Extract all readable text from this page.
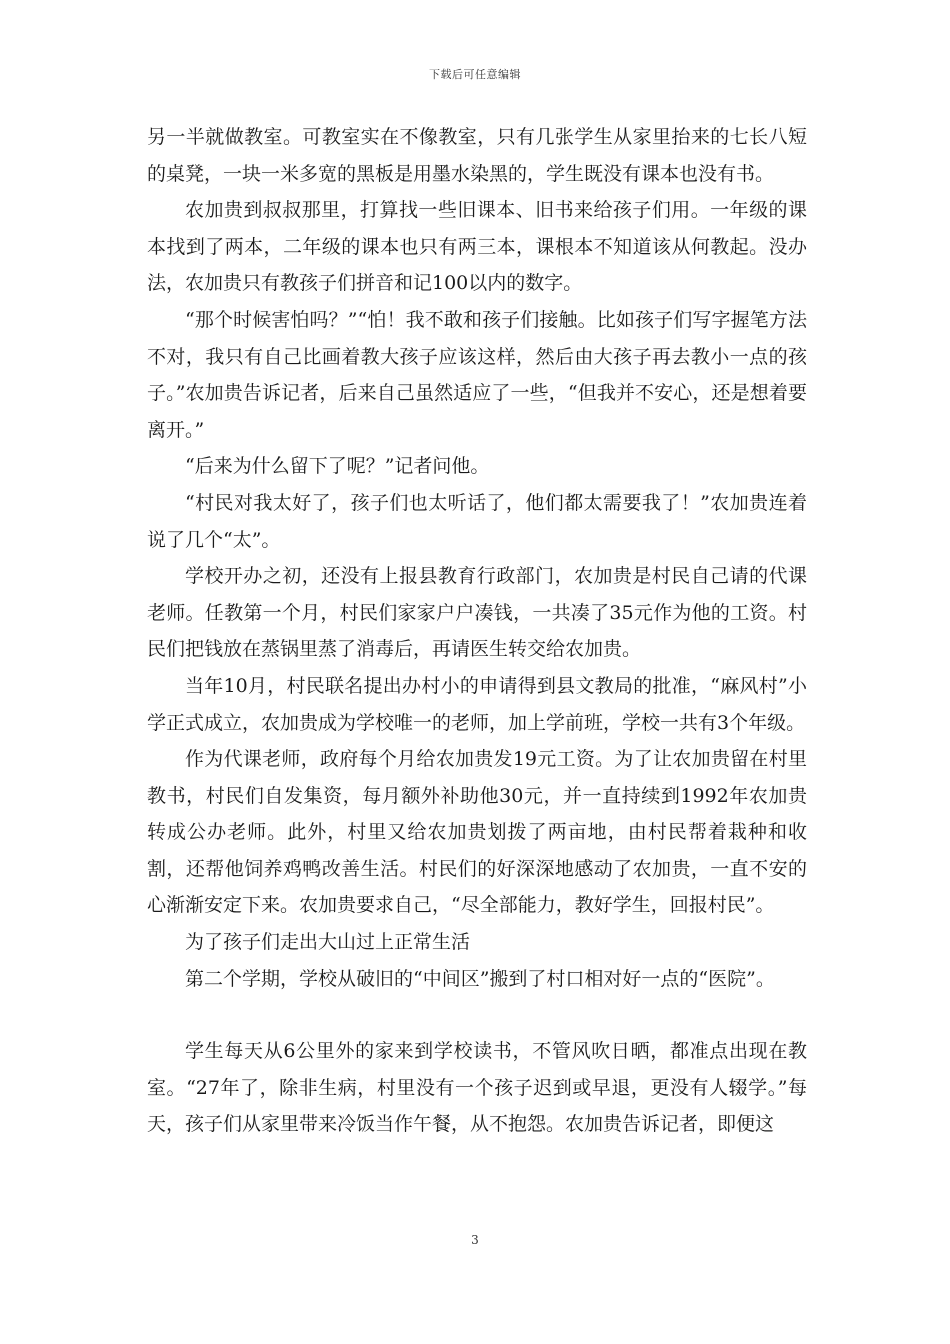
下载后可任意编辑

另一半就做教室。可教室实在不像教室，只有几张学生从家里抬来的七长八短的桌凳，一块一米多宽的黑板是用墨水染黑的，学生既没有课本也没有书。

农加贵到叔叔那里，打算找一些旧课本、旧书来给孩子们用。一年级的课本找到了两本，二年级的课本也只有两三本，课根本不知道该从何教起。没办法，农加贵只有教孩子们拼音和记100以内的数字。

“那个时候害怕吗？”“怕！我不敢和孩子们接触。比如孩子们写字握笔方法不对，我只有自己比画着教大孩子应该这样，然后由大孩子再去教小一点的孩子。”农加贵告诉记者，后来自己虽然适应了一些，“但我并不安心，还是想着要离开。”

“后来为什么留下了呢？”记者问他。

“村民对我太好了，孩子们也太听话了，他们都太需要我了！”农加贵连着说了几个“太”。

学校开办之初，还没有上报县教育行政部门，农加贵是村民自己请的代课老师。任教第一个月，村民们家家户户凑钱，一共凑了35元作为他的工资。村民们把钱放在蒸锅里蒸了消毒后，再请医生转交给农加贵。

当年10月，村民联名提出办村小的申请得到县文教局的批准，“麻风村”小学正式成立，农加贵成为学校唯一的老师，加上学前班，学校一共有3个年级。

作为代课老师，政府每个月给农加贵发19元工资。为了让农加贵留在村里教书，村民们自发集资，每月额外补助他30元，并一直持续到1992年农加贵转成公办老师。此外，村里又给农加贵划拨了两亩地，由村民帮着栽种和收割，还帮他饲养鸡鸭改善生活。村民们的好深深地感动了农加贵，一直不安的心渐渐安定下来。农加贵要求自己，“尽全部能力，教好学生，回报村民”。

为了孩子们走出大山过上正常生活

第二个学期，学校从破旧的“中间区”搬到了村口相对好一点的“医院”。

学生每天从6公里外的家来到学校读书，不管风吹日晒，都准点出现在教室。“27年了，除非生病，村里没有一个孩子迟到或早退，更没有人辍学。”每天，孩子们从家里带来冷饭当作午餐，从不抱怨。农加贵告诉记者，即便这

3
